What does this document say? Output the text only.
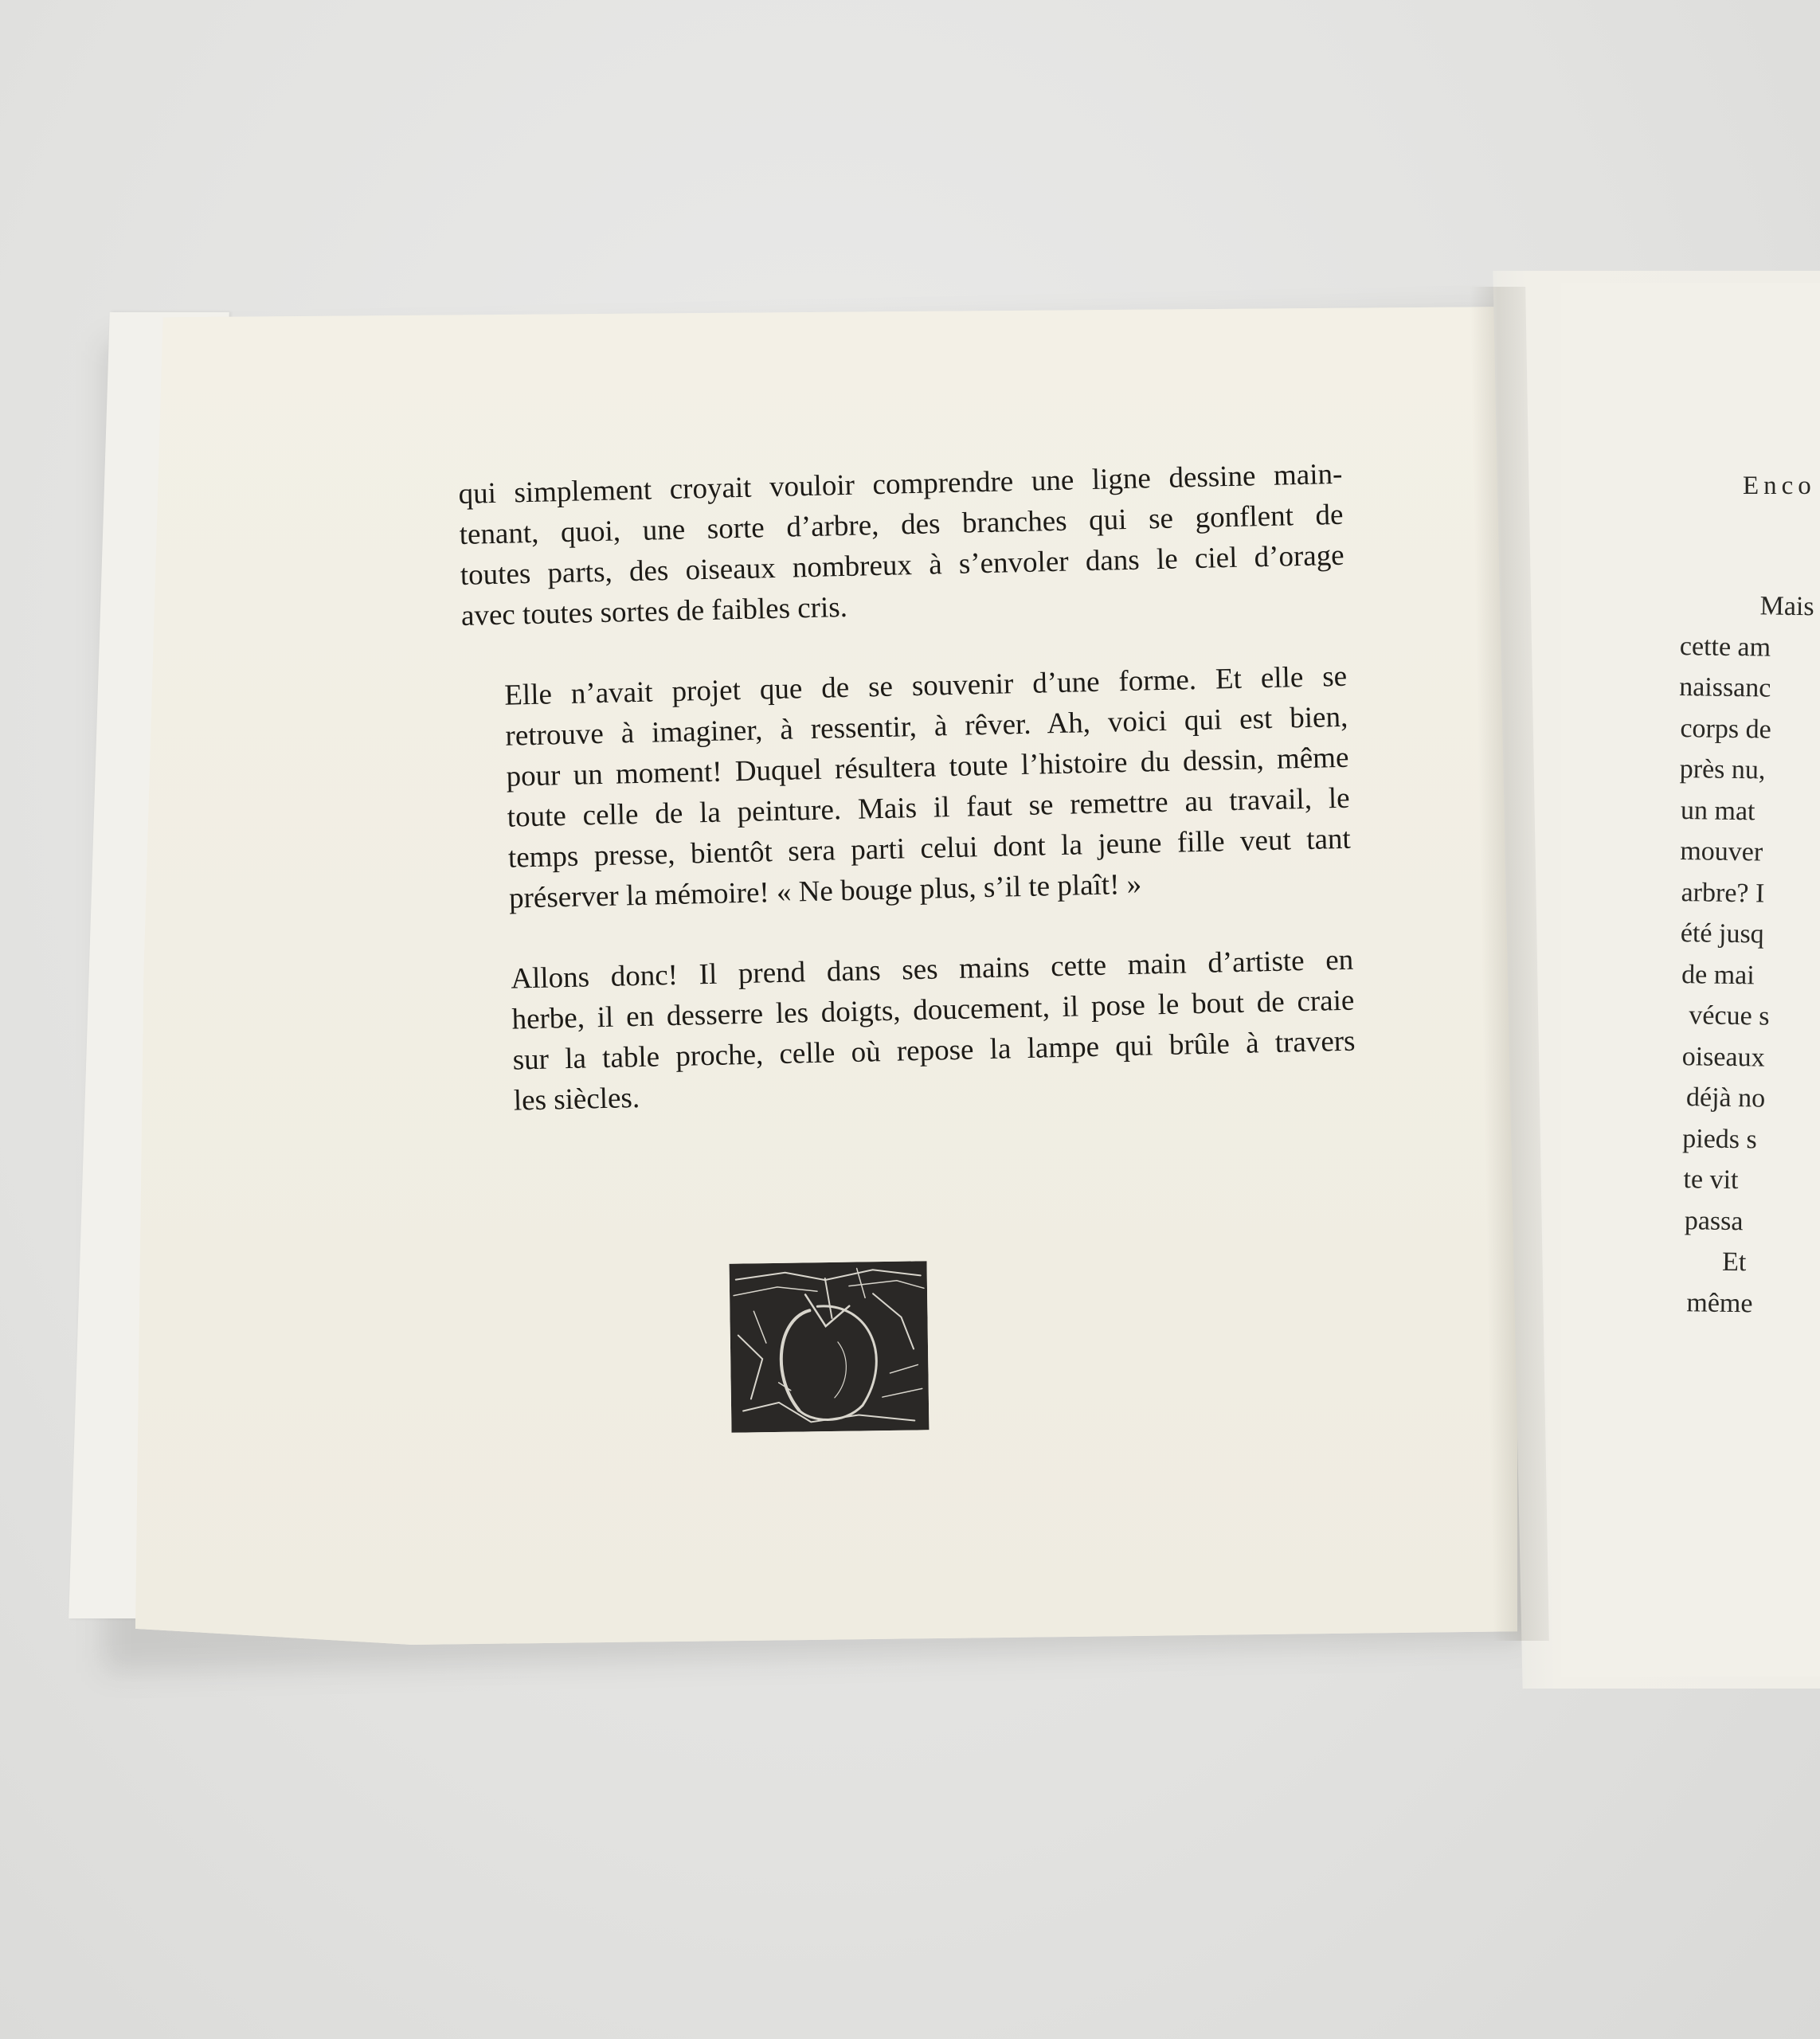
qui simplement croyait vouloir comprendre une ligne dessine main-
tenant, quoi, une sorte d’arbre, des branches qui se gonflent de
toutes parts, des oiseaux nombreux à s’envoler dans le ciel d’orage
avec toutes sortes de faibles cris.

Elle n’avait projet que de se souvenir d’une forme. Et elle se
retrouve à imaginer, à ressentir, à rêver. Ah, voici qui est bien,
pour un moment! Duquel résultera toute l’histoire du dessin, même
toute celle de la peinture. Mais il faut se remettre au travail, le
temps presse, bientôt sera parti celui dont la jeune fille veut tant
préserver la mémoire! « Ne bouge plus, s’il te plaît! »

Allons donc! Il prend dans ses mains cette main d’artiste en
herbe, il en desserre les doigts, doucement, il pose le bout de craie
sur la table proche, celle où repose la lampe qui brûle à travers
les siècles.

Enco
Mais
cette am
naissanc
corps de
près nu,
un mat
mouver
arbre? I
été jusq
de mai
vécue s
oiseaux
déjà no
pieds s
te vit
passa
Et
même
